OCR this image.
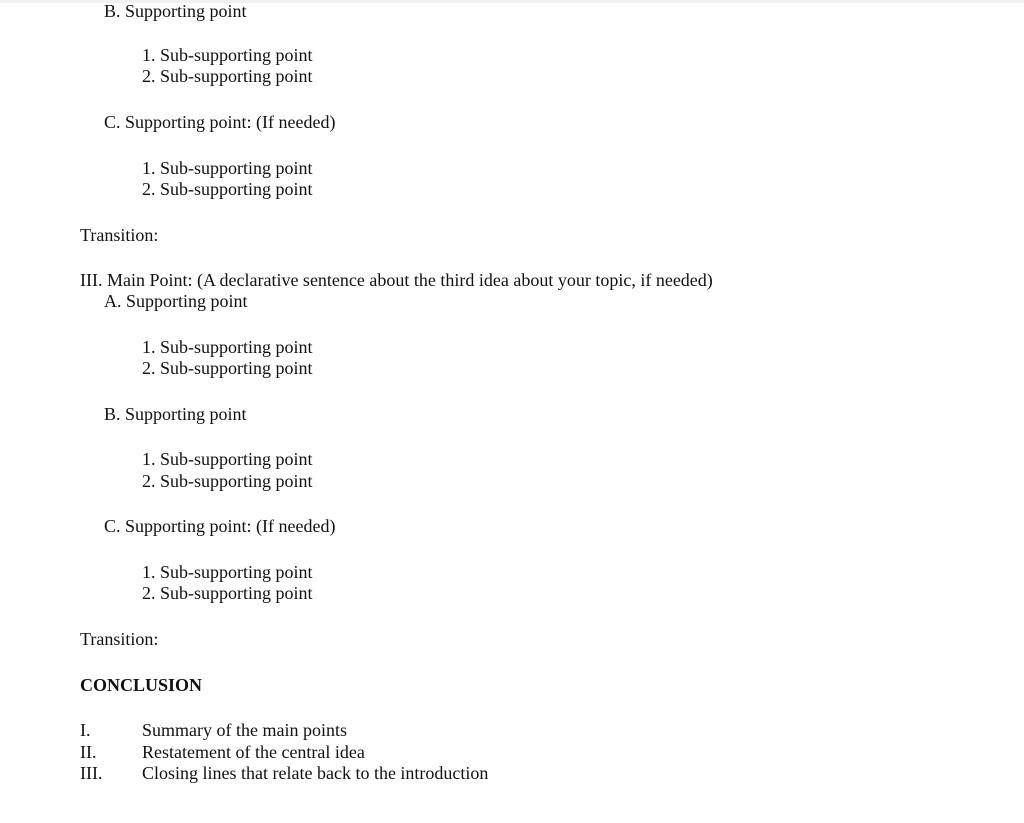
B. Supporting point
1. Sub-supporting point
2. Sub-supporting point
C. Supporting point: (If needed)
1. Sub-supporting point
2. Sub-supporting point
Transition:
III. Main Point: (A declarative sentence about the third idea about your topic, if needed)
A. Supporting point
1. Sub-supporting point
2. Sub-supporting point
B. Supporting point
1. Sub-supporting point
2. Sub-supporting point
C. Supporting point: (If needed)
1. Sub-supporting point
2. Sub-supporting point
Transition:
CONCLUSION
I.	Summary of the main points
II.	Restatement of the central idea
III. Closing lines that relate back to the introduction
